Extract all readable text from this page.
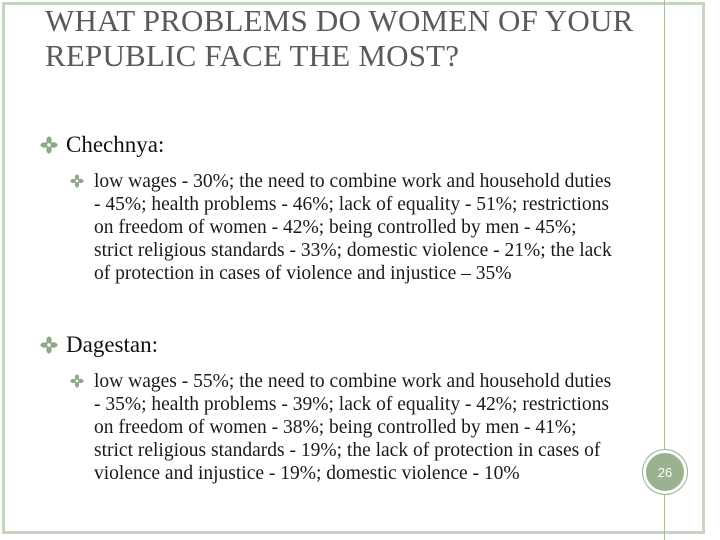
WHAT PROBLEMS DO WOMEN OF YOUR REPUBLIC FACE THE MOST?
Chechnya:
low wages - 30%; the need to combine work and household duties - 45%; health problems - 46%; lack of equality - 51%; restrictions on freedom of women - 42%; being controlled by men - 45%; strict religious standards - 33%; domestic violence - 21%; the lack of protection in cases of violence and injustice – 35%
Dagestan:
low wages - 55%; the need to combine work and household duties - 35%; health problems - 39%; lack of equality - 42%; restrictions on freedom of women - 38%; being controlled by men - 41%; strict religious standards - 19%; the lack of protection in cases of violence and injustice - 19%; domestic violence - 10%	26
